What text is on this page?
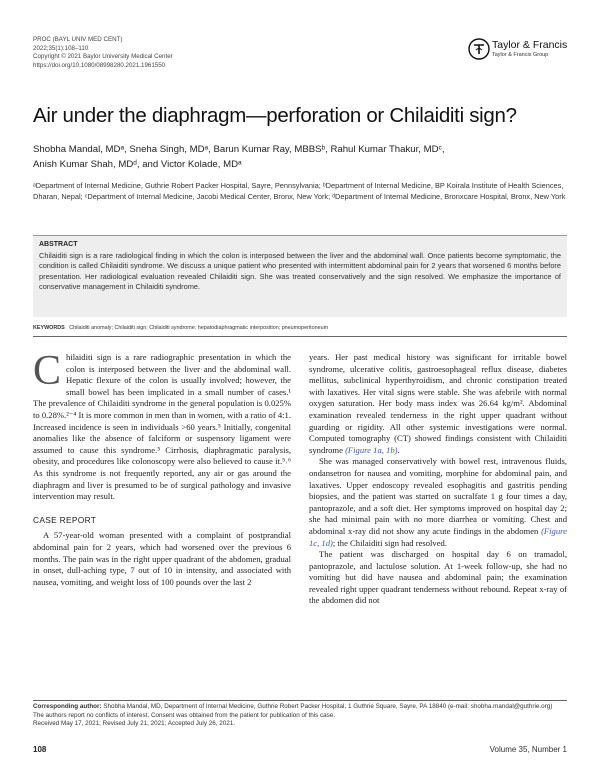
PROC (BAYL UNIV MED CENT)
2022;35(1):108–110
Copyright © 2021 Baylor University Medical Center
https://doi.org/10.1080/08998280.2021.1961550
Taylor & Francis
Taylor & Francis Group
Air under the diaphragm—perforation or Chilaiditi sign?
Shobha Mandal, MDᵃ, Sneha Singh, MDᵃ, Barun Kumar Ray, MBBSᵇ, Rahul Kumar Thakur, MDᶜ,
Anish Kumar Shah, MDᵈ, and Victor Kolade, MDᵃ
ᵃDepartment of Internal Medicine, Guthrie Robert Packer Hospital, Sayre, Pennsylvania; ᵇDepartment of Internal Medicine, BP Koirala Institute of Health Sciences, Dharan, Nepal; ᶜDepartment of Internal Medicine, Jacobi Medical Center, Bronx, New York; ᵈDepartment of Internal Medicine, Bronxcare Hospital, Bronx, New York
ABSTRACT
Chilaiditi sign is a rare radiological finding in which the colon is interposed between the liver and the abdominal wall. Once patients become symptomatic, the condition is called Chilaiditi syndrome. We discuss a unique patient who presented with intermittent abdominal pain for 2 years that worsened 6 months before presentation. Her radiological evaluation revealed Chilaiditi sign. She was treated conservatively and the sign resolved. We emphasize the importance of conservative management in Chilaiditi syndrome.
KEYWORDS Chilaiditi anomaly; Chilaiditi sign; Chilaiditi syndrome; hepatodiaphragmatic interposition; pneumoperitoneum

Chilaiditi sign is a rare radiographic presentation in which the colon is interposed between the liver and the abdominal wall. Hepatic flexure of the colon is usually involved; however, the small bowel has been implicated in a small number of cases.¹ The prevalence of Chilaiditi syndrome in the general population is 0.025% to 0.28%.²⁻⁴ It is more common in men than in women, with a ratio of 4:1. Increased incidence is seen in individuals >60 years.⁵ Initially, congenital anomalies like the absence of falciform or suspensory ligament were assumed to cause this syndrome.⁵ Cirrhosis, diaphragmatic paralysis, obesity, and procedures like colonoscopy were also believed to cause it.⁵˒⁶ As this syndrome is not frequently reported, any air or gas around the diaphragm and liver is presumed to be of surgical pathology and invasive intervention may result.

CASE REPORT

A 57-year-old woman presented with a complaint of postprandial abdominal pain for 2 years, which had worsened over the previous 6 months. The pain was in the right upper quadrant of the abdomen, gradual in onset, dull-aching type, 7 out of 10 in intensity, and associated with nausea, vomiting, and weight loss of 100 pounds over the last 2

years. Her past medical history was significant for irritable bowel syndrome, ulcerative colitis, gastroesophageal reflux disease, diabetes mellitus, subclinical hyperthyroidism, and chronic constipation treated with laxatives. Her vital signs were stable. She was afebrile with normal oxygen saturation. Her body mass index was 26.64 kg/m². Abdominal examination revealed tenderness in the right upper quadrant without guarding or rigidity. All other systemic investigations were normal. Computed tomography (CT) showed findings consistent with Chilaiditi syndrome (Figure 1a, 1b).

She was managed conservatively with bowel rest, intravenous fluids, ondansetron for nausea and vomiting, morphine for abdominal pain, and laxatives. Upper endoscopy revealed esophagitis and gastritis pending biopsies, and the patient was started on sucralfate 1 g four times a day, pantoprazole, and a soft diet. Her symptoms improved on hospital day 2; she had minimal pain with no more diarrhea or vomiting. Chest and abdominal x-ray did not show any acute findings in the abdomen (Figure 1c, 1d); the Chilaiditi sign had resolved.

The patient was discharged on hospital day 6 on tramadol, pantoprazole, and lactulose solution. At 1-week follow-up, she had no vomiting but did have nausea and abdominal pain; the examination revealed right upper quadrant tenderness without rebound. Repeat x-ray of the abdomen did not

Corresponding author: Shobha Mandal, MD, Department of Internal Medicine, Guthrie Robert Packer Hospital, 1 Guthrie Square, Sayre, PA 18840 (e-mail: shobha.mandal@guthrie.org)
The authors report no conflicts of interest. Consent was obtained from the patient for publication of this case.
Received May 17, 2021; Revised July 21, 2021; Accepted July 26, 2021.
108	Volume 35, Number 1
